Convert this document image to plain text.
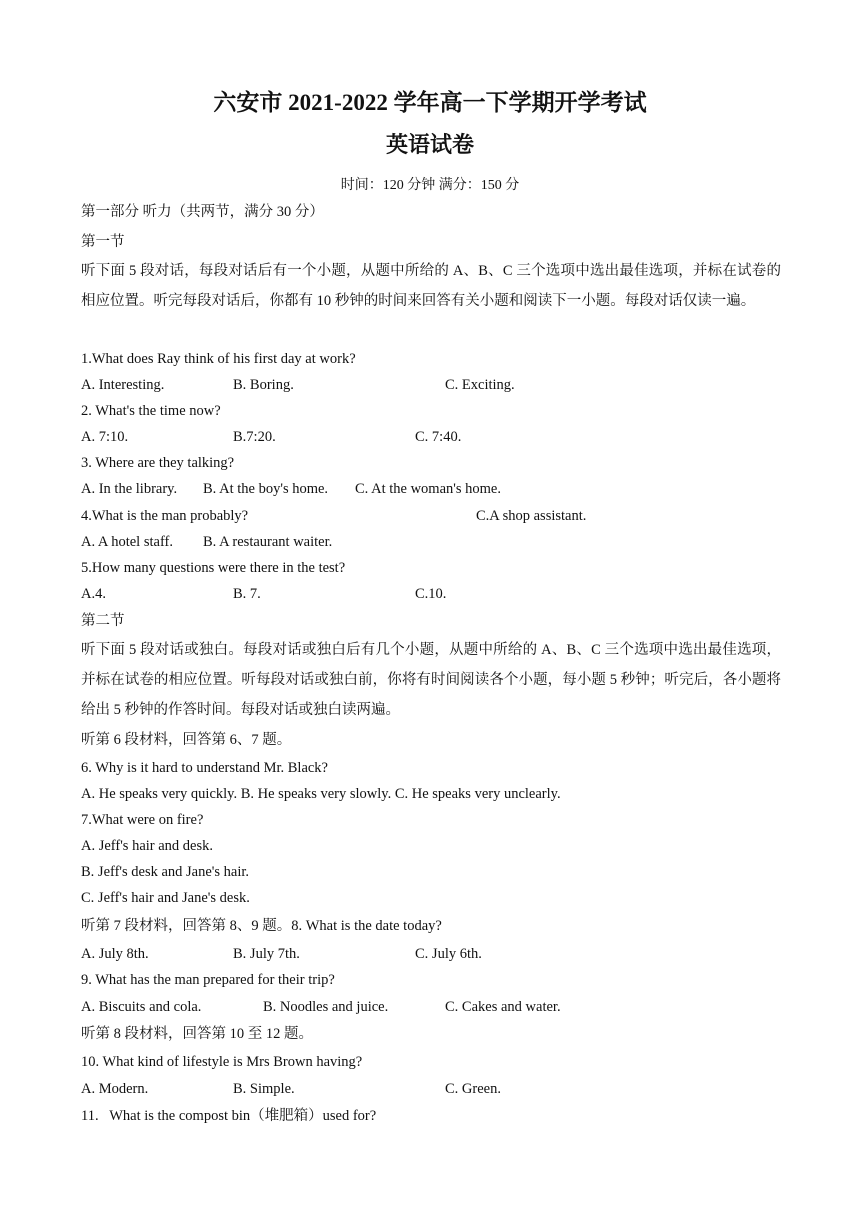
六安市 2021-2022 学年高一下学期开学考试
英语试卷
时间：120 分钟 满分：150 分
第一部分 听力（共两节，满分 30 分）
第一节
听下面 5 段对话，每段对话后有一个小题，从题中所给的 A、B、C 三个选项中选出最佳选项，并标在试卷的相应位置。听完每段对话后，你都有 10 秒钟的时间来回答有关小题和阅读下一小题。每段对话仅读一遍。
1.What does Ray think of his first day at work?
A. Interesting.	B. Boring.	C. Exciting.
2. What's the time now?
A. 7:10.	B.7:20.	C. 7:40.
3. Where are they talking?
A. In the library. B. At the boy's home. C. At the woman's home.
4.What is the man probably?	C.A shop assistant.
A. A hotel staff. B. A restaurant waiter.
5.How many questions were there in the test?
A.4.	B. 7.	C.10.
第二节
听下面 5 段对话或独白。每段对话或独白后有几个小题，从题中所给的 A、B、C 三个选项中选出最佳选项，并标在试卷的相应位置。听每段对话或独白前，你将有时间阅读各个小题，每小题 5 秒钟；听完后，各小题将给出 5 秒钟的作答时间。每段对话或独白读两遍。
听第 6 段材料，回答第 6、7 题。
6. Why is it hard to understand Mr. Black?
A. He speaks very quickly. B. He speaks very slowly. C. He speaks very unclearly.
7.What were on fire?
A. Jeff's hair and desk.
B. Jeff's desk and Jane's hair.
C. Jeff's hair and Jane's desk.
听第 7 段材料，回答第 8、9 题。8. What is the date today?
A. July 8th.	B. July 7th.	C. July 6th.
9. What has the man prepared for their trip?
A. Biscuits and cola.	B. Noodles and juice.	C. Cakes and water.
听第 8 段材料，回答第 10 至 12 题。
10. What kind of lifestyle is Mrs Brown having?
A. Modern.	B. Simple.	C. Green.
11.   What is the compost bin（堆肥箱）used for?
